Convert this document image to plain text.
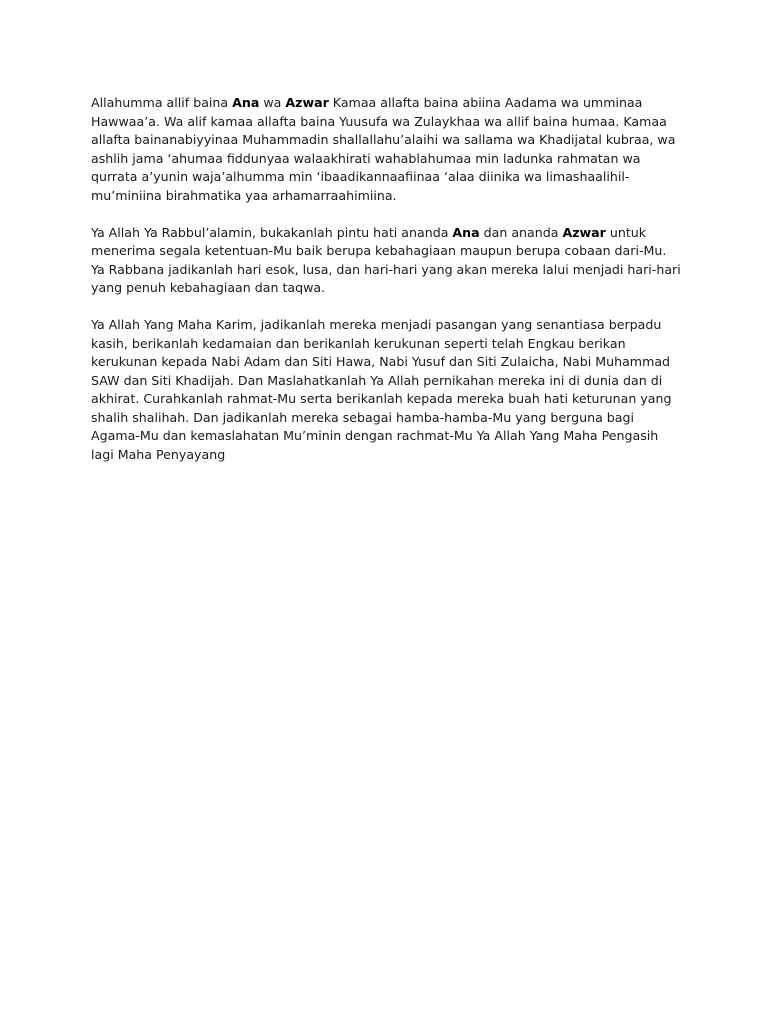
Allahumma allif baina Ana wa Azwar Kamaa allafta baina abiina Aadama wa umminaa Hawwaa’a. Wa alif kamaa allafta baina Yuusufa wa Zulaykhaa wa allif baina humaa. Kamaa allafta bainanabiyyinaa Muhammadin shallallahu’alaihi wa sallama wa Khadijatal kubraa, wa ashlih jama ‘ahumaa fiddunyaa walaakhirati wahablahumaa min ladunka rahmatan wa qurrata a’yunin waja’alhumma min ‘ibaadikannaafiinaa ‘alaa diinika wa limashaalihil-mu’miniina birahmatika yaa arhamarraahimiina.

Ya Allah Ya Rabbul’alamin, bukakanlah pintu hati ananda Ana dan ananda Azwar untuk menerima segala ketentuan-Mu baik berupa kebahagiaan maupun berupa cobaan dari-Mu. Ya Rabbana jadikanlah hari esok, lusa, dan hari-hari yang akan mereka lalui menjadi hari-hari yang penuh kebahagiaan dan taqwa.

Ya Allah Yang Maha Karim, jadikanlah mereka menjadi pasangan yang senantiasa berpadu kasih, berikanlah kedamaian dan berikanlah kerukunan seperti telah Engkau berikan kerukunan kepada Nabi Adam dan Siti Hawa, Nabi Yusuf dan Siti Zulaicha, Nabi Muhammad SAW dan Siti Khadijah. Dan Maslahatkanlah Ya Allah pernikahan mereka ini di dunia dan di akhirat. Curahkanlah rahmat-Mu serta berikanlah kepada mereka buah hati keturunan yang shalih shalihah. Dan jadikanlah mereka sebagai hamba-hamba-Mu yang berguna bagi Agama-Mu dan kemaslahatan Mu’minin dengan rachmat-Mu Ya Allah Yang Maha Pengasih lagi Maha Penyayang
